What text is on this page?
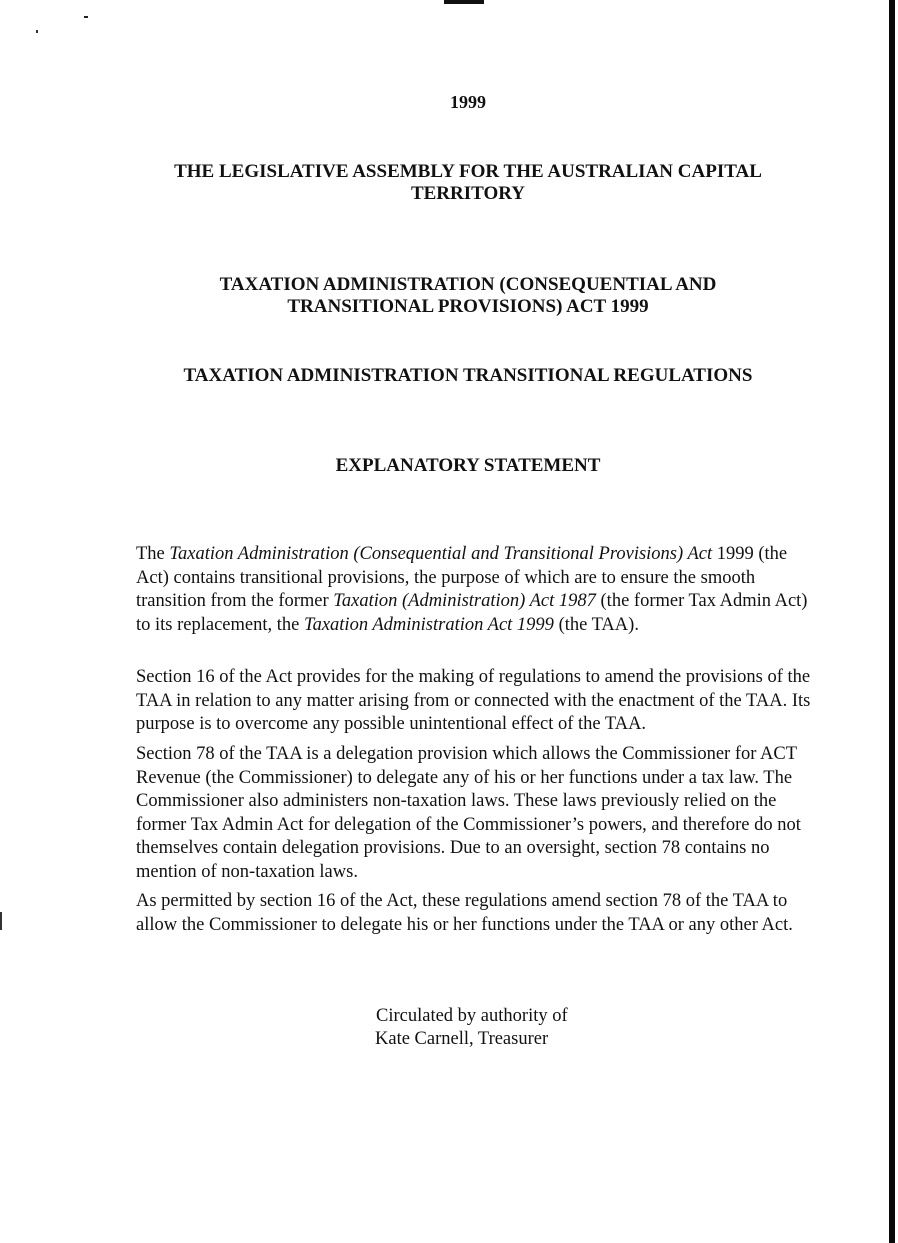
1999

THE LEGISLATIVE ASSEMBLY FOR THE AUSTRALIAN CAPITAL
TERRITORY

TAXATION ADMINISTRATION (CONSEQUENTIAL AND
TRANSITIONAL PROVISIONS) ACT 1999

TAXATION ADMINISTRATION TRANSITIONAL REGULATIONS

EXPLANATORY STATEMENT

The Taxation Administration (Consequential and Transitional Provisions) Act 1999 (the Act) contains transitional provisions, the purpose of which are to ensure the smooth transition from the former Taxation (Administration) Act 1987 (the former Tax Admin Act) to its replacement, the Taxation Administration Act 1999 (the TAA).

Section 16 of the Act provides for the making of regulations to amend the provisions of the TAA in relation to any matter arising from or connected with the enactment of the TAA. Its purpose is to overcome any possible unintentional effect of the TAA.

Section 78 of the TAA is a delegation provision which allows the Commissioner for ACT Revenue (the Commissioner) to delegate any of his or her functions under a tax law. The Commissioner also administers non-taxation laws. These laws previously relied on the former Tax Admin Act for delegation of the Commissioner’s powers, and therefore do not themselves contain delegation provisions. Due to an oversight, section 78 contains no mention of non-taxation laws.

As permitted by section 16 of the Act, these regulations amend section 78 of the TAA to allow the Commissioner to delegate his or her functions under the TAA or any other Act.

Circulated by authority of

Kate Carnell, Treasurer
